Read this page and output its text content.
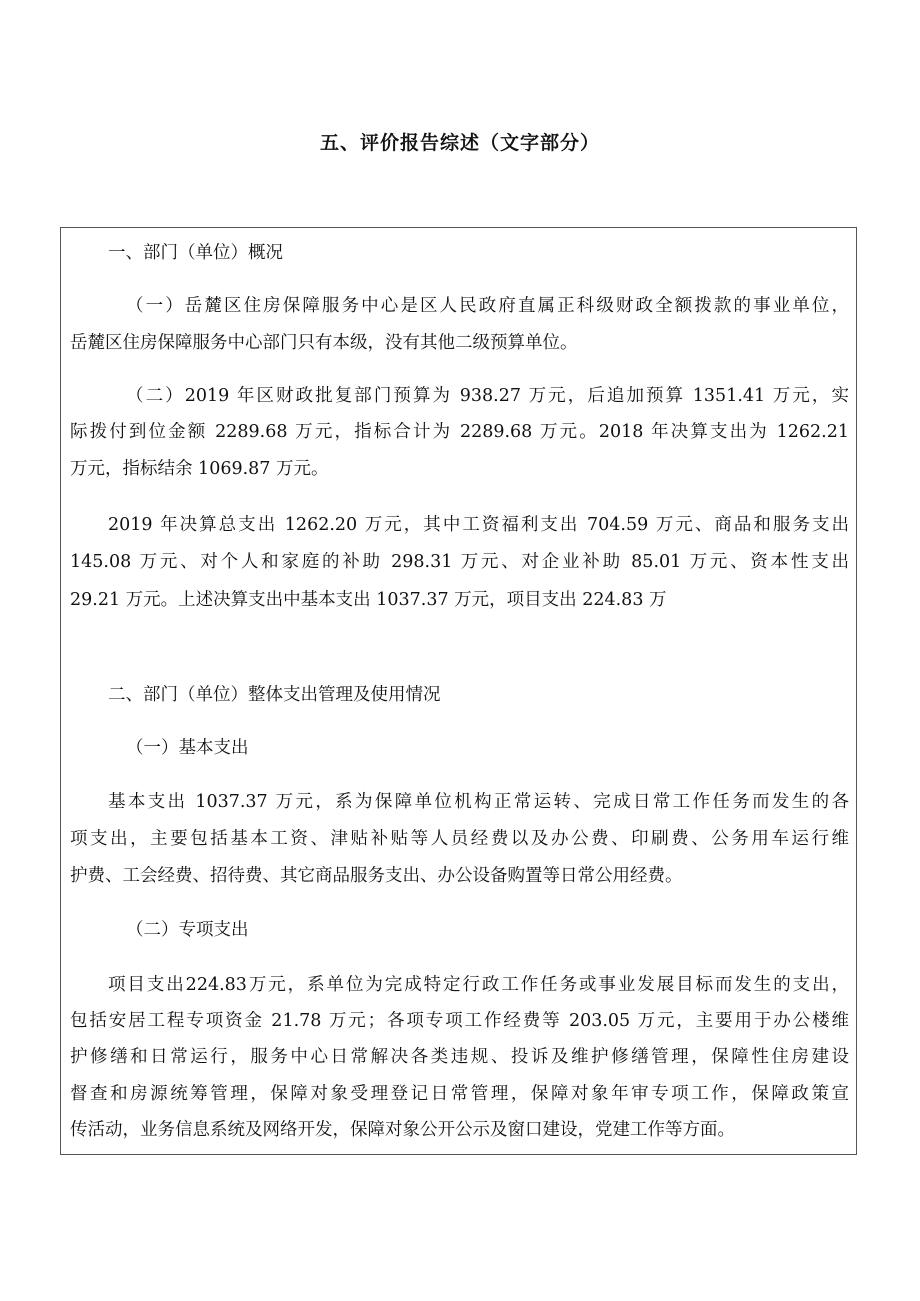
五、评价报告综述（文字部分）
一、部门（单位）概况
（一）岳麓区住房保障服务中心是区人民政府直属正科级财政全额拨款的事业单位，
岳麓区住房保障服务中心部门只有本级，没有其他二级预算单位。
（二）2019 年区财政批复部门预算为 938.27 万元，后追加预算 1351.41 万元，实
际拨付到位金额 2289.68 万元，指标合计为 2289.68 万元。2018 年决算支出为 1262.21
万元，指标结余 1069.87 万元。
2019 年决算总支出 1262.20 万元，其中工资福利支出 704.59 万元、商品和服务支出
145.08 万元、对个人和家庭的补助 298.31 万元、对企业补助 85.01 万元、资本性支出
29.21 万元。上述决算支出中基本支出 1037.37 万元，项目支出 224.83 万
二、部门（单位）整体支出管理及使用情况
（一）基本支出
基本支出 1037.37 万元，系为保障单位机构正常运转、完成日常工作任务而发生的各
项支出，主要包括基本工资、津贴补贴等人员经费以及办公费、印刷费、公务用车运行维
护费、工会经费、招待费、其它商品服务支出、办公设备购置等日常公用经费。
（二）专项支出
项目支出224.83万元，系单位为完成特定行政工作任务或事业发展目标而发生的支出，
包括安居工程专项资金 21.78 万元；各项专项工作经费等 203.05 万元，主要用于办公楼维
护修缮和日常运行，服务中心日常解决各类违规、投诉及维护修缮管理，保障性住房建设
督查和房源统筹管理，保障对象受理登记日常管理，保障对象年审专项工作，保障政策宣
传活动，业务信息系统及网络开发，保障对象公开公示及窗口建设，党建工作等方面。
